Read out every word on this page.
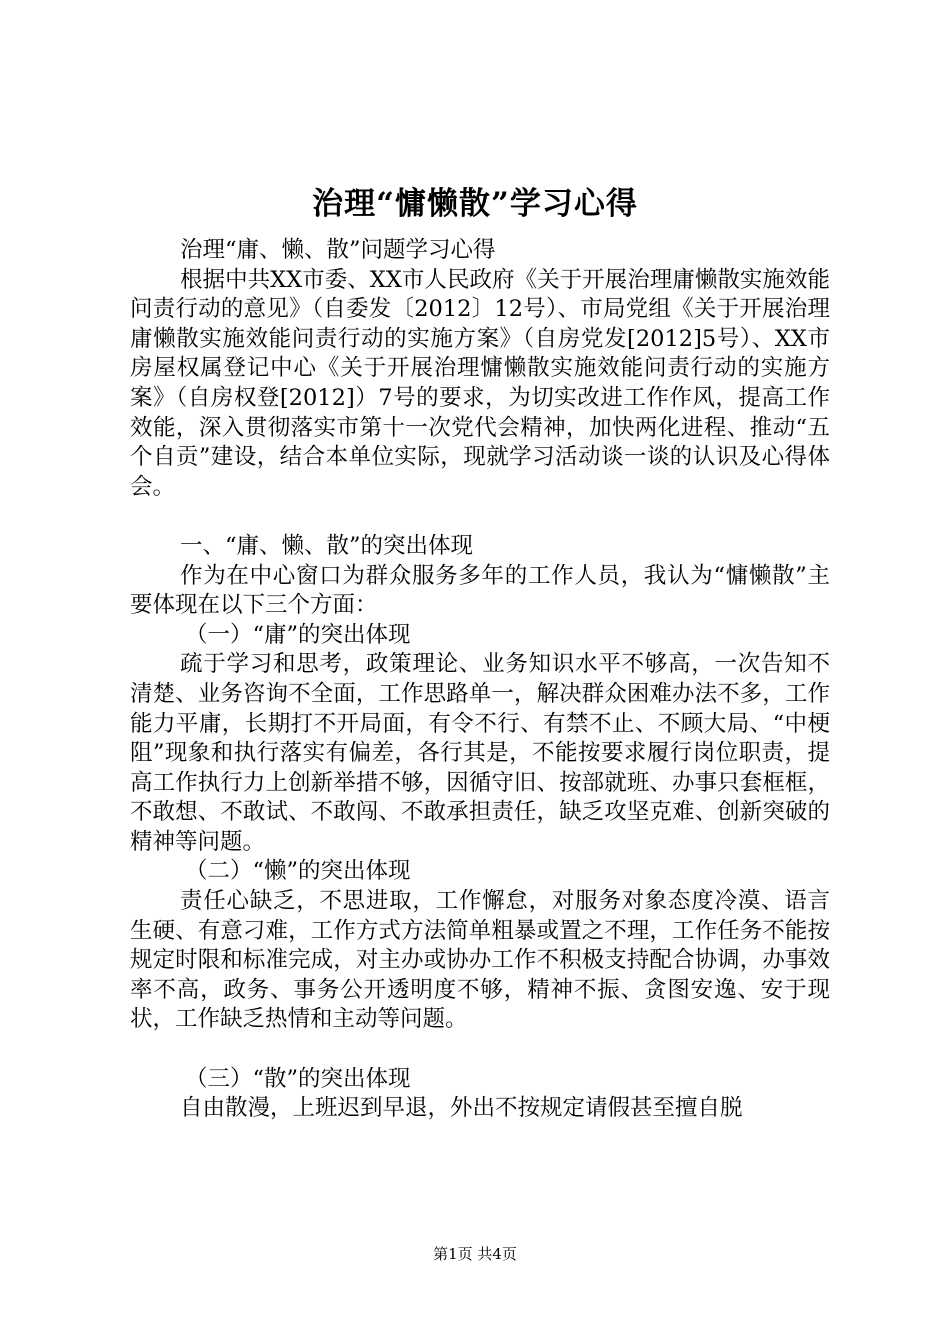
治理“慵懒散”学习心得

治理“庸、懒、散”问题学习心得

根据中共XX市委、XX市人民政府《关于开展治理庸懒散实施效能问责行动的意见》（自委发〔2012〕12号）、市局党组《关于开展治理庸懒散实施效能问责行动的实施方案》（自房党发[2012]5号）、XX市房屋权属登记中心《关于开展治理慵懒散实施效能问责行动的实施方案》（自房权登[2012]）7号的要求，为切实改进工作作风，提高工作效能，深入贯彻落实市第十一次党代会精神，加快两化进程、推动“五个自贡”建设，结合本单位实际，现就学习活动谈一谈的认识及心得体会。

一、“庸、懒、散”的突出体现

作为在中心窗口为群众服务多年的工作人员，我认为“慵懒散”主要体现在以下三个方面：

（一）“庸”的突出体现

疏于学习和思考，政策理论、业务知识水平不够高，一次告知不清楚、业务咨询不全面，工作思路单一，解决群众困难办法不多，工作能力平庸，长期打不开局面，有令不行、有禁不止、不顾大局、“中梗阻”现象和执行落实有偏差，各行其是，不能按要求履行岗位职责，提高工作执行力上创新举措不够，因循守旧、按部就班、办事只套框框，不敢想、不敢试、不敢闯、不敢承担责任，缺乏攻坚克难、创新突破的精神等问题。

（二）“懒”的突出体现

责任心缺乏，不思进取，工作懈怠，对服务对象态度冷漠、语言生硬、有意刁难，工作方式方法简单粗暴或置之不理，工作任务不能按规定时限和标准完成，对主办或协办工作不积极支持配合协调，办事效率不高，政务、事务公开透明度不够，精神不振、贪图安逸、安于现状，工作缺乏热情和主动等问题。

（三）“散”的突出体现

自由散漫，上班迟到早退，外出不按规定请假甚至擅自脱

第1页 共4页
